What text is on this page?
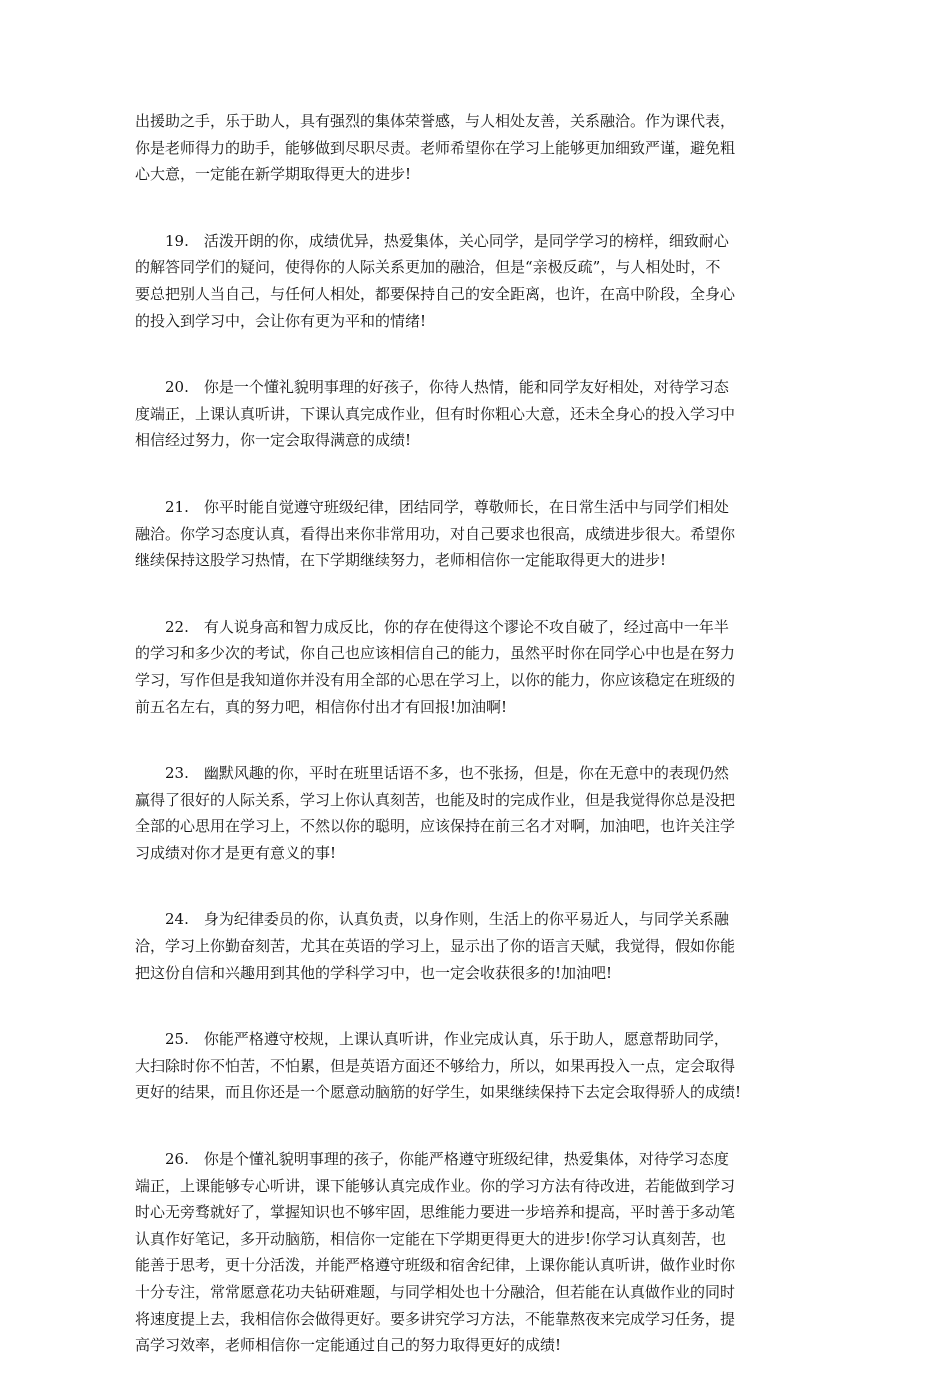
出援助之手，乐于助人，具有强烈的集体荣誉感，与人相处友善，关系融洽。作为课代表，
你是老师得力的助手，能够做到尽职尽责。老师希望你在学习上能够更加细致严谨，避免粗
心大意，一定能在新学期取得更大的进步!
　　19.　活泼开朗的你，成绩优异，热爱集体，关心同学，是同学学习的榜样，细致耐心
的解答同学们的疑问，使得你的人际关系更加的融洽，但是“亲极反疏”，与人相处时，不
要总把别人当自己，与任何人相处，都要保持自己的安全距离，也许，在高中阶段，全身心
的投入到学习中，会让你有更为平和的情绪!
　　20.　你是一个懂礼貌明事理的好孩子，你待人热情，能和同学友好相处，对待学习态
度端正，上课认真听讲，下课认真完成作业，但有时你粗心大意，还未全身心的投入学习中
相信经过努力，你一定会取得满意的成绩!
　　21.　你平时能自觉遵守班级纪律，团结同学，尊敬师长，在日常生活中与同学们相处
融洽。你学习态度认真，看得出来你非常用功，对自己要求也很高，成绩进步很大。希望你
继续保持这股学习热情，在下学期继续努力，老师相信你一定能取得更大的进步!
　　22.　有人说身高和智力成反比，你的存在使得这个谬论不攻自破了，经过高中一年半
的学习和多少次的考试，你自己也应该相信自己的能力，虽然平时你在同学心中也是在努力
学习，写作但是我知道你并没有用全部的心思在学习上，以你的能力，你应该稳定在班级的
前五名左右，真的努力吧，相信你付出才有回报!加油啊!
　　23.　幽默风趣的你，平时在班里话语不多，也不张扬，但是，你在无意中的表现仍然
赢得了很好的人际关系，学习上你认真刻苦，也能及时的完成作业，但是我觉得你总是没把
全部的心思用在学习上，不然以你的聪明，应该保持在前三名才对啊，加油吧，也许关注学
习成绩对你才是更有意义的事!
　　24.　身为纪律委员的你，认真负责，以身作则，生活上的你平易近人，与同学关系融
洽，学习上你勤奋刻苦，尤其在英语的学习上，显示出了你的语言天赋，我觉得，假如你能
把这份自信和兴趣用到其他的学科学习中，也一定会收获很多的!加油吧!
　　25.　你能严格遵守校规，上课认真听讲，作业完成认真，乐于助人，愿意帮助同学，
大扫除时你不怕苦，不怕累，但是英语方面还不够给力，所以，如果再投入一点，定会取得
更好的结果，而且你还是一个愿意动脑筋的好学生，如果继续保持下去定会取得骄人的成绩!
　　26.　你是个懂礼貌明事理的孩子，你能严格遵守班级纪律，热爱集体，对待学习态度
端正，上课能够专心听讲，课下能够认真完成作业。你的学习方法有待改进，若能做到学习
时心无旁骛就好了，掌握知识也不够牢固，思维能力要进一步培养和提高，平时善于多动笔
认真作好笔记，多开动脑筋，相信你一定能在下学期更得更大的进步!你学习认真刻苦，也
能善于思考，更十分活泼，并能严格遵守班级和宿舍纪律，上课你能认真听讲，做作业时你
十分专注，常常愿意花功夫钻研难题，与同学相处也十分融洽，但若能在认真做作业的同时
将速度提上去，我相信你会做得更好。要多讲究学习方法，不能靠熬夜来完成学习任务，提
高学习效率，老师相信你一定能通过自己的努力取得更好的成绩!
